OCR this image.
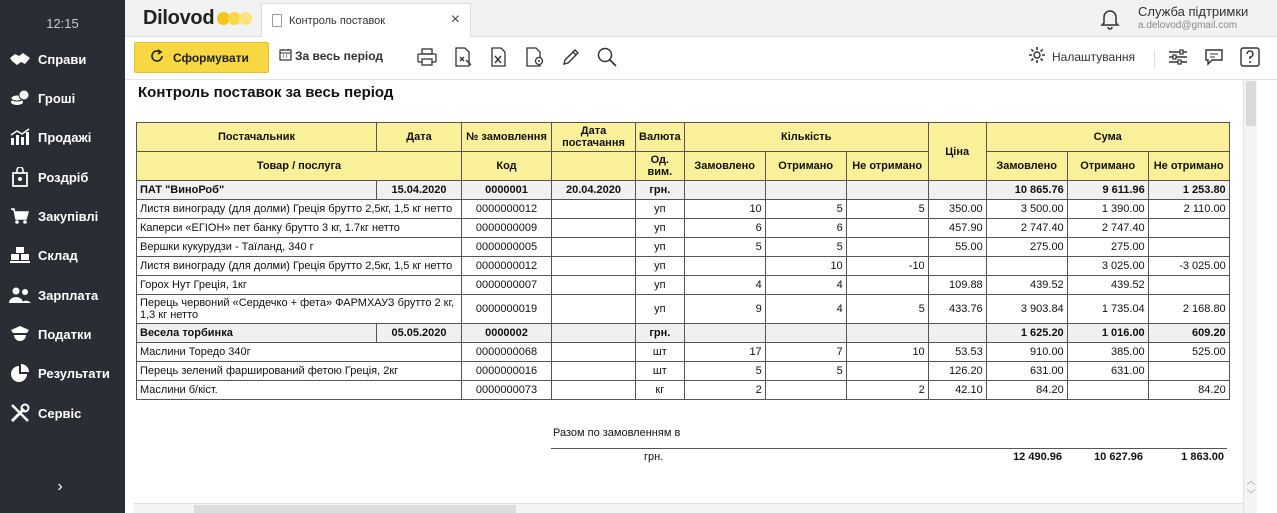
12:15
Справи
Гроші
Продажі
Роздріб
Закупівлі
Склад
Зарплата
Податки
Результати
Сервіс
›
Dilovod	Контроль поставок	×	Служба підтримки
a.delovod@gmail.com
Сформувати	За весь період	Налаштування
Контроль поставок за весь період
Постачальник	Дата	№ замовлення	Дата постачання	Валюта	Кількість			Ціна	Сума		
Товар / послуга		Код		Од. вим.	Замовлено	Отримано	Не отримано		Замовлено	Отримано	Не отримано
ПАТ "ВиноРоб"	15.04.2020	0000001	20.04.2020	грн.					10 865.76	9 611.96	1 253.80
Листя винограду (для долми) Греція брутто 2,5кг, 1,5 кг нетто		0000000012		уп	10	5	5	350.00	3 500.00	1 390.00	2 110.00
Каперси «ЕГІОН» пет банку брутто 3 кг, 1.7кг нетто		0000000009		уп	6	6		457.90	2 747.40	2 747.40	
Вершки кукурудзи - Таїланд, 340 г		0000000005		уп	5	5		55.00	275.00	275.00	
Листя винограду (для долми) Греція брутто 2,5кг, 1,5 кг нетто		0000000012		уп		10	-10			3 025.00	-3 025.00
Горох Нут Греція, 1кг		0000000007		уп	4	4		109.88	439.52	439.52	
Перець червоний «Сердечко + фета» ФАРМХАУЗ брутто 2 кг, 1,3 кг нетто		0000000019		уп	9	4	5	433.76	3 903.84	1 735.04	2 168.80
Весела торбинка	05.05.2020	0000002		грн.					1 625.20	1 016.00	609.20
Маслини Торедо 340г		0000000068		шт	17	7	10	53.53	910.00	385.00	525.00
Перець зелений фарширований фетою Греція, 2кг		0000000016		шт	5	5		126.20	631.00	631.00	
Маслини б/кіст.		0000000073		кг	2		2	42.10	84.20		84.20
Разом по замовленням в
грн.	12 490.96	10 627.96	1 863.00
︿
﹀
